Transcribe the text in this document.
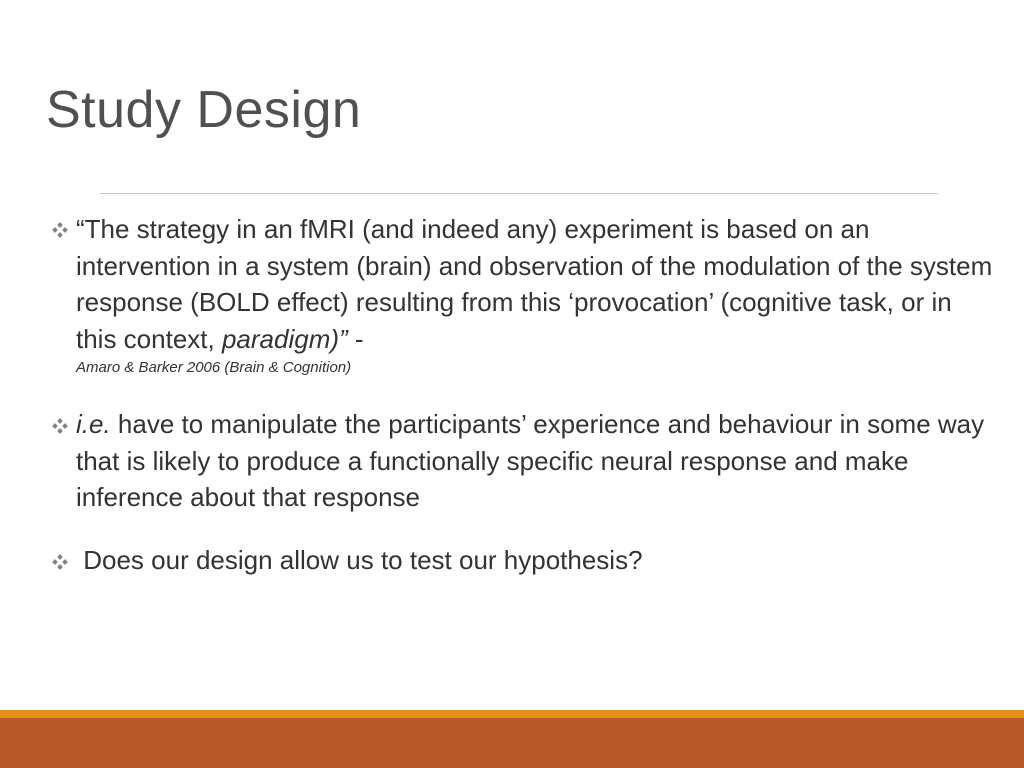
Study Design

“The strategy in an fMRI (and indeed any) experiment is based on an intervention in a system (brain) and observation of the modulation of the system response (BOLD effect) resulting from this ‘provocation’ (cognitive task, or in this context, paradigm)” -

Amaro & Barker 2006 (Brain & Cognition)

i.e. have to manipulate the participants’ experience and behaviour in some way that is likely to produce a functionally specific neural response and make inference about that response

Does our design allow us to test our hypothesis?
